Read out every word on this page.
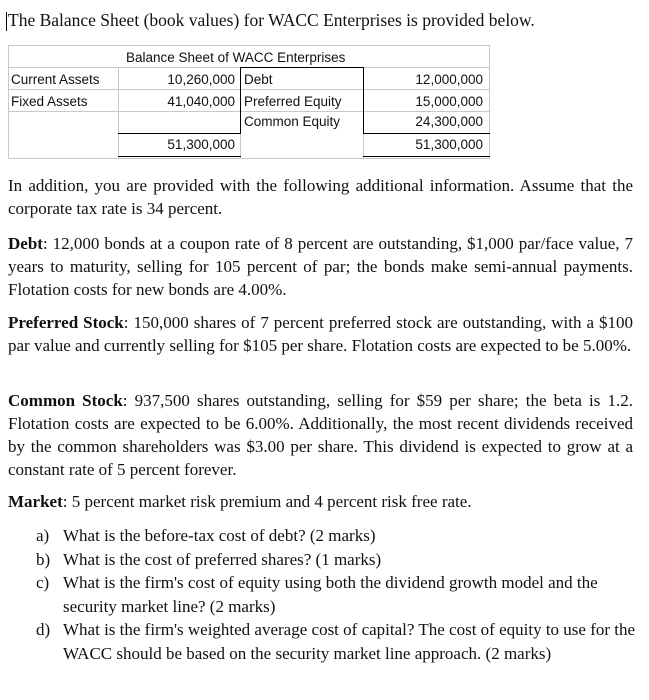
The Balance Sheet (book values) for WACC Enterprises is provided below.
Balance Sheet of WACC Enterprises
Current Assets	10,260,000 Debt	12,000,000
Fixed Assets	41,040,000 Preferred Equity	15,000,000
Common Equity	24,300,000
51,300,000	51,300,000
In addition, you are provided with the following additional information. Assume that the corporate tax rate is 34 percent.
Debt: 12,000 bonds at a coupon rate of 8 percent are outstanding, $1,000 par/face value, 7 years to maturity, selling for 105 percent of par; the bonds make semi-annual payments. Flotation costs for new bonds are 4.00%.
Preferred Stock: 150,000 shares of 7 percent preferred stock are outstanding, with a $100 par value and currently selling for $105 per share. Flotation costs are expected to be 5.00%.
Common Stock: 937,500 shares outstanding, selling for $59 per share; the beta is 1.2. Flotation costs are expected to be 6.00%. Additionally, the most recent dividends received by the common shareholders was $3.00 per share. This dividend is expected to grow at a constant rate of 5 percent forever.
Market: 5 percent market risk premium and 4 percent risk free rate.
a) What is the before-tax cost of debt? (2 marks)
b) What is the cost of preferred shares? (1 marks)
c) What is the firm's cost of equity using both the dividend growth model and the security market line? (2 marks)
d) What is the firm's weighted average cost of capital? The cost of equity to use for the WACC should be based on the security market line approach. (2 marks)
